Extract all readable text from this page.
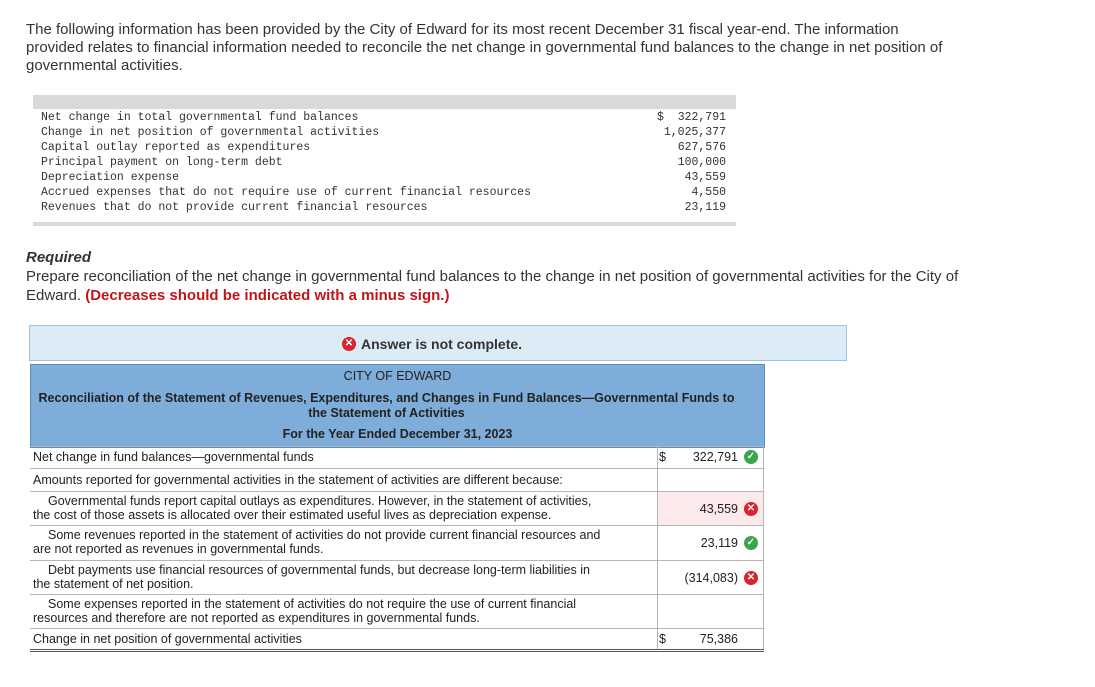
The following information has been provided by the City of Edward for its most recent December 31 fiscal year-end. The information provided relates to financial information needed to reconcile the net change in governmental fund balances to the change in net position of governmental activities.
Net change in total governmental fund balances	$  322,791
Change in net position of governmental activities	1,025,377
Capital outlay reported as expenditures	627,576
Principal payment on long-term debt	100,000
Depreciation expense	43,559
Accrued expenses that do not require use of current financial resources	4,550
Revenues that do not provide current financial resources	23,119
Required
Prepare reconciliation of the net change in governmental fund balances to the change in net position of governmental activities for the City of Edward. (Decreases should be indicated with a minus sign.)
✕ Answer is not complete.
CITY OF EDWARD
Reconciliation of the Statement of Revenues, Expenditures, and Changes in Fund Balances—Governmental Funds to the Statement of Activities
For the Year Ended December 31, 2023
Net change in fund balances—governmental funds	$ 322,791 ✓
Amounts reported for governmental activities in the statement of activities are different because:
Governmental funds report capital outlays as expenditures. However, in the statement of activities,
the cost of those assets is allocated over their estimated useful lives as depreciation expense.	43,559 ✕
Some revenues reported in the statement of activities do not provide current financial resources and
are not reported as revenues in governmental funds.	23,119 ✓
Debt payments use financial resources of governmental funds, but decrease long-term liabilities in
the statement of net position.	(314,083) ✕
Some expenses reported in the statement of activities do not require the use of current financial
resources and therefore are not reported as expenditures in governmental funds.
Change in net position of governmental activities	$	75,386
